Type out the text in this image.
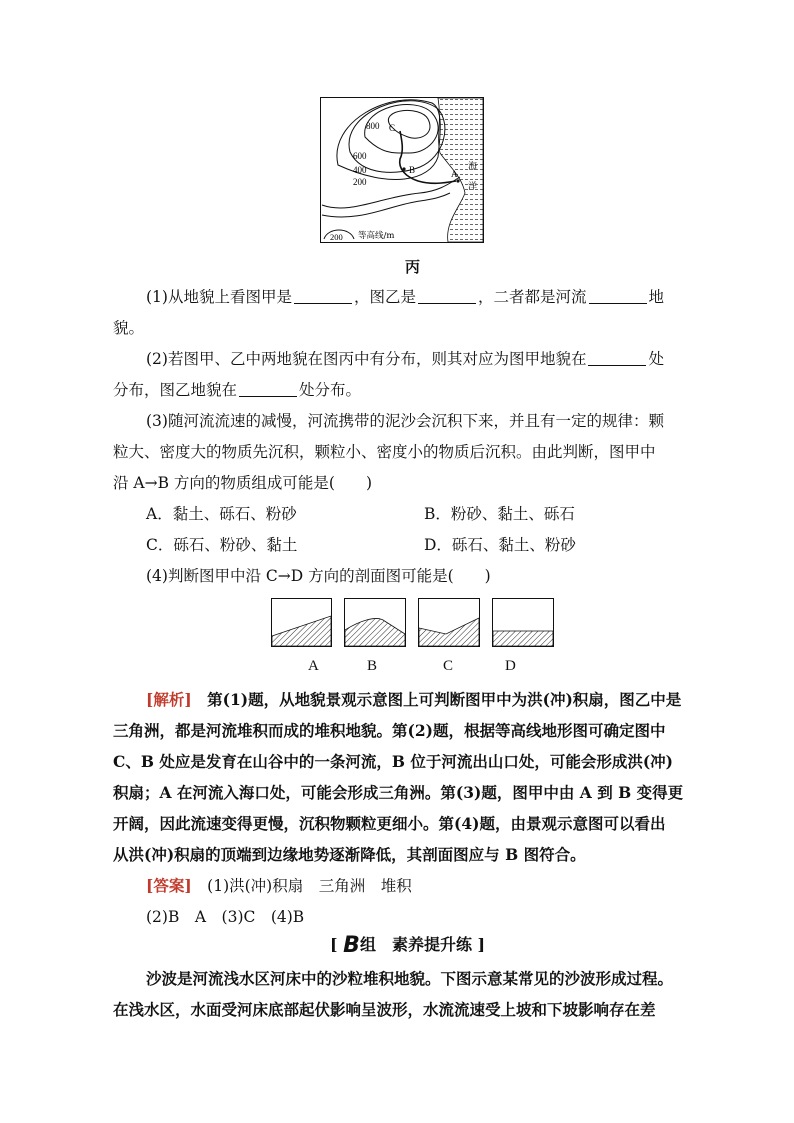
800
600
400
200
C
B	A
海
洋
200 等高线/m
丙
(1)从地貌上看图甲是	，图乙是	，二者都是河流	地
貌。
(2)若图甲、乙中两地貌在图丙中有分布，则其对应为图甲地貌在	处
分布，图乙地貌在	处分布。
(3)随河流流速的减慢，河流携带的泥沙会沉积下来，并且有一定的规律：颗
粒大、密度大的物质先沉积，颗粒小、密度小的物质后沉积。由此判断，图甲中
沿 A→B 方向的物质组成可能是(　　)
A．黏土、砾石、粉砂	B．粉砂、黏土、砾石
C．砾石、粉砂、黏土	D．砾石、黏土、粉砂
(4)判断图甲中沿 C→D 方向的剖面图可能是(　　)
A	B	C	D
[解析]　第(1)题，从地貌景观示意图上可判断图甲中为洪(冲)积扇，图乙中是
三角洲，都是河流堆积而成的堆积地貌。第(2)题，根据等高线地形图可确定图中
C、B 处应是发育在山谷中的一条河流，B 位于河流出山口处，可能会形成洪(冲)
积扇；A 在河流入海口处，可能会形成三角洲。第(3)题，图甲中由 A 到 B 变得更
开阔，因此流速变得更慢，沉积物颗粒更细小。第(4)题，由景观示意图可以看出
从洪(冲)积扇的顶端到边缘地势逐渐降低，其剖面图应与 B 图符合。
[答案]　(1)洪(冲)积扇　三角洲　堆积
(2)B　A　(3)C　(4)B
[ B组　素养提升练 ]
沙波是河流浅水区河床中的沙粒堆积地貌。下图示意某常见的沙波形成过程。
在浅水区，水面受河床底部起伏影响呈波形，水流流速受上坡和下坡影响存在差
